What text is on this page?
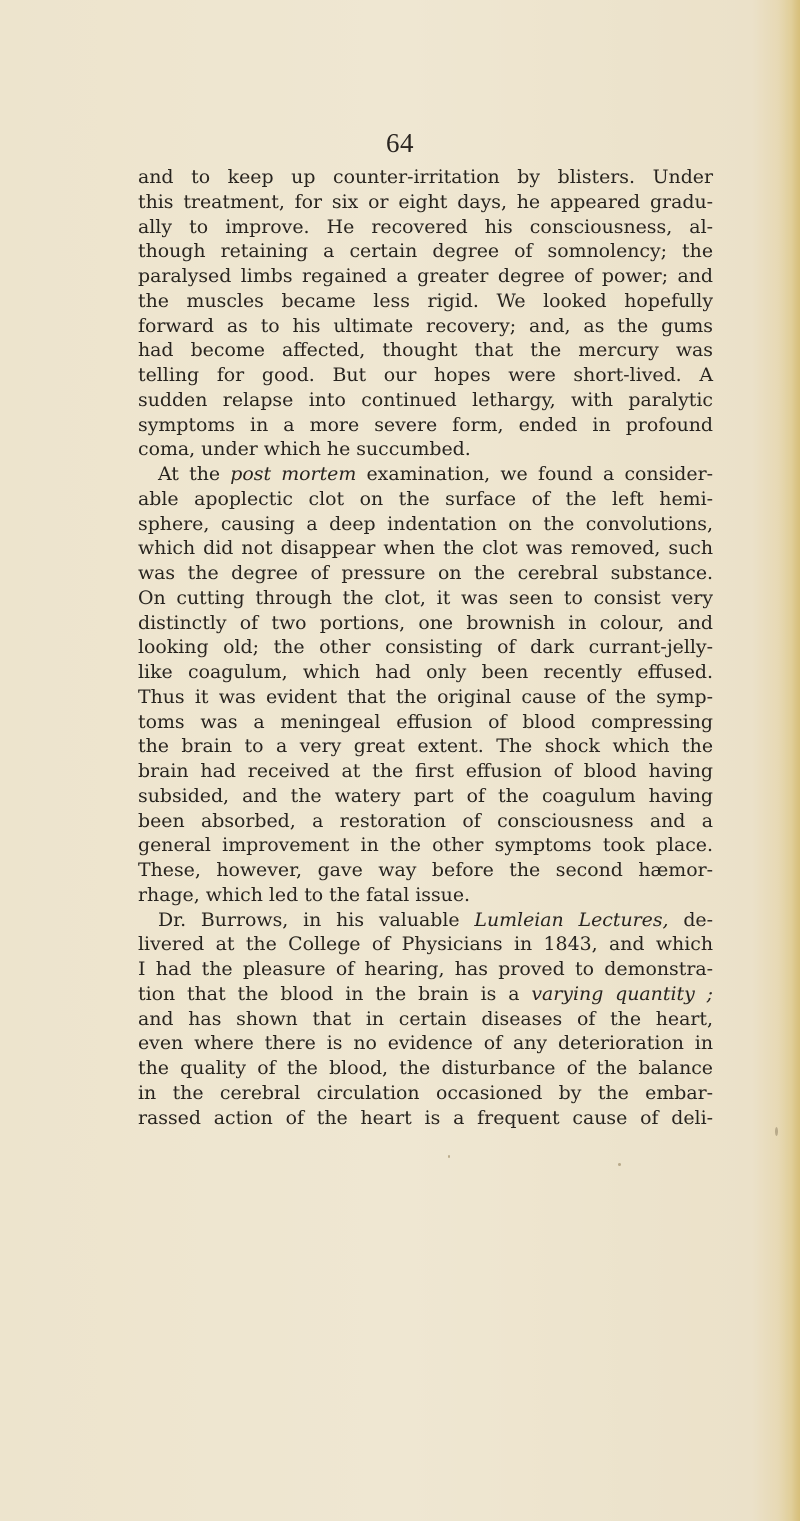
64
and to keep up counter-irritation by blisters. Under
this treatment, for six or eight days, he appeared gradu-
ally to improve. He recovered his consciousness, al-
though retaining a certain degree of somnolency; the
paralysed limbs regained a greater degree of power; and
the muscles became less rigid. We looked hopefully
forward as to his ultimate recovery; and, as the gums
had become affected, thought that the mercury was
telling for good. But our hopes were short-lived. A
sudden relapse into continued lethargy, with paralytic
symptoms in a more severe form, ended in profound
coma, under which he succumbed.
At the post mortem examination, we found a consider-
able apoplectic clot on the surface of the left hemi-
sphere, causing a deep indentation on the convolutions,
which did not disappear when the clot was removed, such
was the degree of pressure on the cerebral substance.
On cutting through the clot, it was seen to consist very
distinctly of two portions, one brownish in colour, and
looking old; the other consisting of dark currant-jelly-
like coagulum, which had only been recently effused.
Thus it was evident that the original cause of the symp-
toms was a meningeal effusion of blood compressing
the brain to a very great extent. The shock which the
brain had received at the first effusion of blood having
subsided, and the watery part of the coagulum having
been absorbed, a restoration of consciousness and a
general improvement in the other symptoms took place.
These, however, gave way before the second hæmor-
rhage, which led to the fatal issue.
Dr. Burrows, in his valuable Lumleian Lectures, de-
livered at the College of Physicians in 1843, and which
I had the pleasure of hearing, has proved to demonstra-
tion that the blood in the brain is a varying quantity ;
and has shown that in certain diseases of the heart,
even where there is no evidence of any deterioration in
the quality of the blood, the disturbance of the balance
in the cerebral circulation occasioned by the embar-
rassed action of the heart is a frequent cause of deli-
